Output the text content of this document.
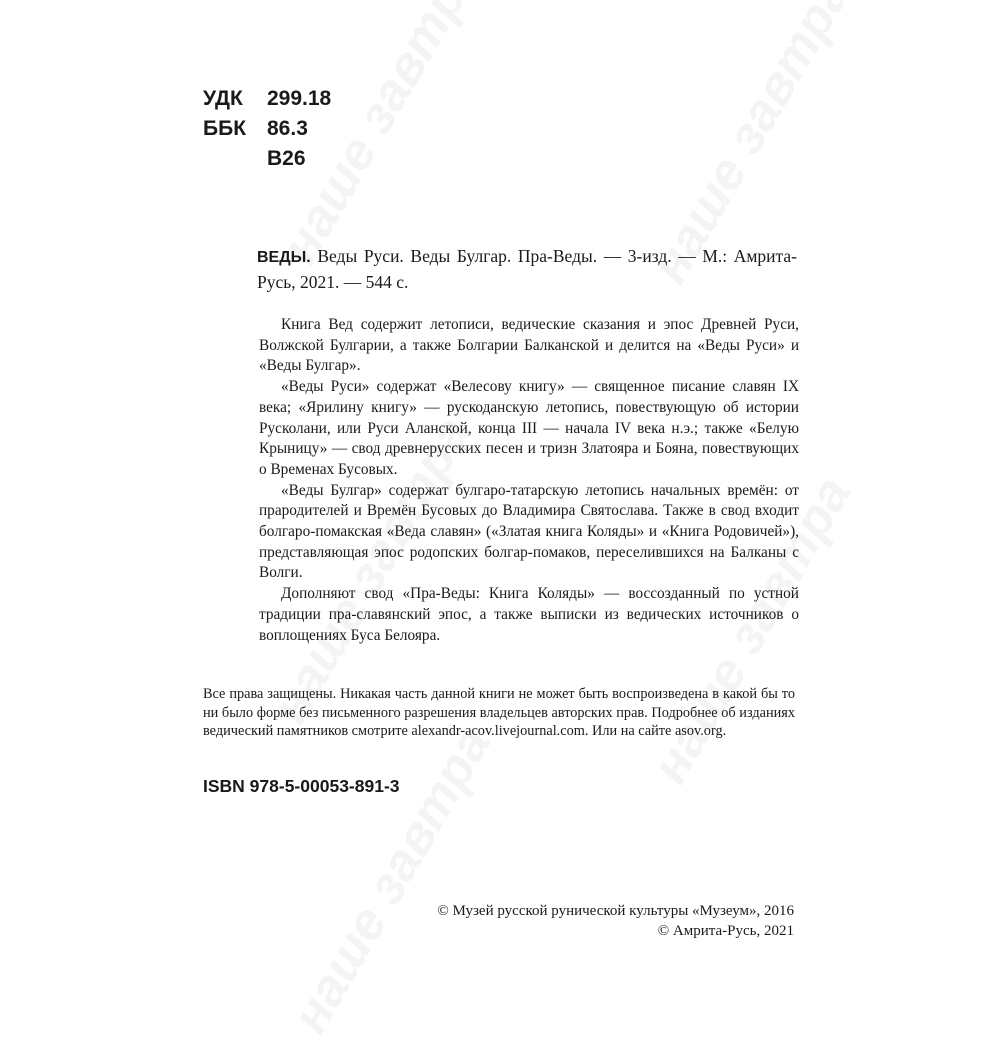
УДК 299.18
ББК 86.3
В26
ВЕДЫ. Веды Руси. Веды Булгар. Пра-Веды. — 3-изд. — М.: Амрита-Русь, 2021. — 544 с.

Книга Вед содержит летописи, ведические сказания и эпос Древней Руси, Волжской Булгарии, а также Болгарии Балканской и делится на «Веды Руси» и «Веды Булгар».

«Веды Руси» содержат «Велесову книгу» — священное писание славян IX века; «Ярилину книгу» — рускоданскую летопись, повествующую об истории Русколани, или Руси Аланской, конца III — начала IV века н.э.; также «Белую Крыницу» — свод древнерусских песен и тризн Златояра и Бояна, повествующих о Временах Бусовых.

«Веды Булгар» содержат булгаро-татарскую летопись начальных времён: от прародителей и Времён Бусовых до Владимира Святослава. Также в свод входит болгаро-помакская «Веда славян» («Златая книга Коляды» и «Книга Родовичей»), представляющая эпос родопских болгар-помаков, переселившихся на Балканы с Волги.

Дополняют свод «Пра-Веды: Книга Коляды» — воссозданный по устной традиции пра-славянский эпос, а также выписки из ведических источников о воплощениях Буса Белояра.

Все права защищены. Никакая часть данной книги не может быть воспроизведена в какой бы то ни было форме без письменного разрешения владельцев авторских прав. Подробнее об изданиях ведический памятников смотрите alexandr-acov.livejournal.com. Или на сайте asov.org.
ISBN 978-5-00053-891-3
© Музей русской рунической культуры «Музеум», 2016
© Амрита-Русь, 2021
